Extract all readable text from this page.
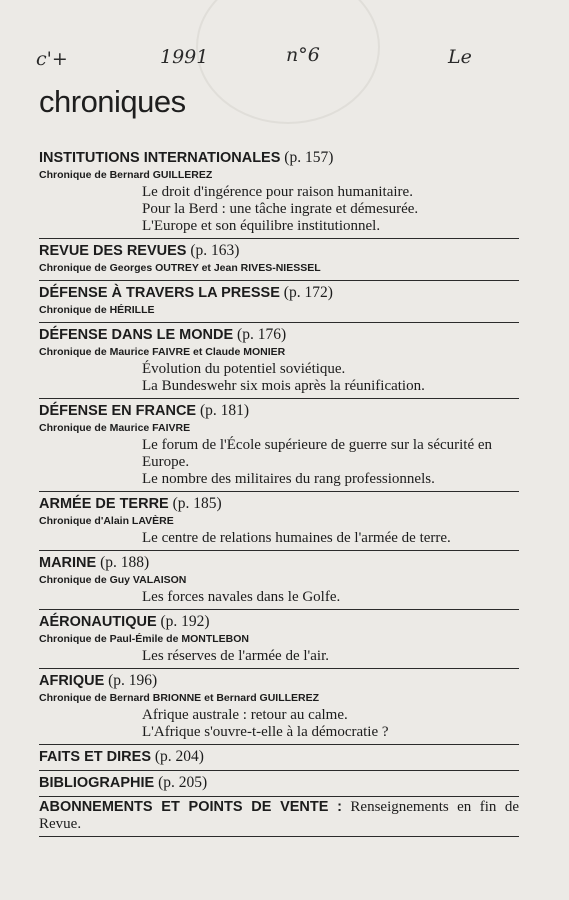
c'+	1991	n°6	Le
chroniques
INSTITUTIONS INTERNATIONALES (p. 157)
Chronique de Bernard GUILLEREZ
Le droit d'ingérence pour raison humanitaire.
Pour la Berd : une tâche ingrate et démesurée.
L'Europe et son équilibre institutionnel.
REVUE DES REVUES (p. 163)
Chronique de Georges OUTREY et Jean RIVES-NIESSEL
DÉFENSE À TRAVERS LA PRESSE (p. 172)
Chronique de HÉRILLE
DÉFENSE DANS LE MONDE (p. 176)
Chronique de Maurice FAIVRE et Claude MONIER
Évolution du potentiel soviétique.
La Bundeswehr six mois après la réunification.
DÉFENSE EN FRANCE (p. 181)
Chronique de Maurice FAIVRE
Le forum de l'École supérieure de guerre sur la sécurité en Europe.
Le nombre des militaires du rang professionnels.
ARMÉE DE TERRE (p. 185)
Chronique d'Alain LAVÈRE
Le centre de relations humaines de l'armée de terre.
MARINE (p. 188)
Chronique de Guy VALAISON
Les forces navales dans le Golfe.
AÉRONAUTIQUE (p. 192)
Chronique de Paul-Émile de MONTLEBON
Les réserves de l'armée de l'air.
AFRIQUE (p. 196)
Chronique de Bernard BRIONNE et Bernard GUILLEREZ
Afrique australe : retour au calme.
L'Afrique s'ouvre-t-elle à la démocratie ?
FAITS ET DIRES (p. 204)
BIBLIOGRAPHIE (p. 205)
ABONNEMENTS ET POINTS DE VENTE : Renseignements en fin de Revue.
